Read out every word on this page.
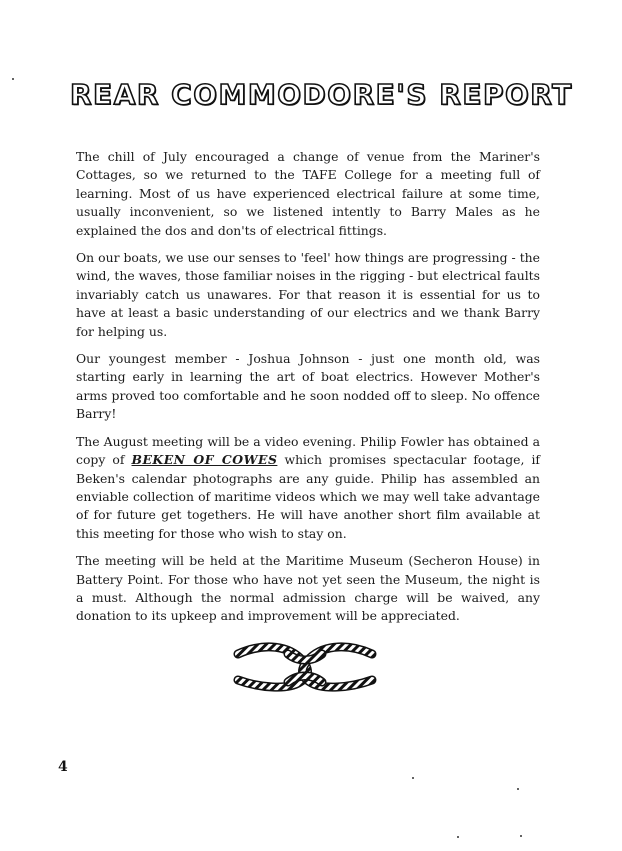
REAR COMMODORE'S REPORT

The chill of July encouraged a change of venue from the Mariner's Cottages, so we returned to the TAFE College for a meeting full of learning. Most of us have experienced electrical failure at some time, usually inconvenient, so we listened intently to Barry Males as he explained the dos and don'ts of electrical fittings.

On our boats, we use our senses to 'feel' how things are progressing - the wind, the waves, those familiar noises in the rigging - but electrical faults invariably catch us unawares. For that reason it is essential for us to have at least a basic understanding of our electrics and we thank Barry for helping us.

Our youngest member - Joshua Johnson - just one month old, was starting early in learning the art of boat electrics. However Mother's arms proved too comfortable and he soon nodded off to sleep. No offence Barry!

The August meeting will be a video evening. Philip Fowler has obtained a copy of BEKEN OF COWES which promises spectacular footage, if Beken's calendar photographs are any guide. Philip has assembled an enviable collection of maritime videos which we may well take advantage of for future get togethers. He will have another short film available at this meeting for those who wish to stay on.

The meeting will be held at the Maritime Museum (Secheron House) in Battery Point. For those who have not yet seen the Museum, the night is a must. Although the normal admission charge will be waived, any donation to its upkeep and improvement will be appreciated.

4
